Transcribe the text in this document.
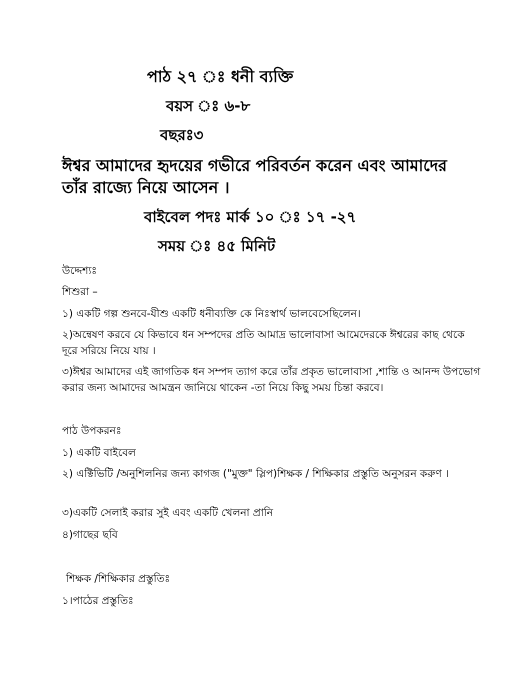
পাঠ ২৭ ঃ ধনী ব্যক্তি
বয়স ঃ ৬-৮
বছরঃ৩
ঈশ্বর আমাদের হৃদয়ের গভীরে পরিবর্তন করেন এবং আমাদের
তাঁর রাজ্যে নিয়ে আসেন ।
বাইবেল পদঃ মার্ক ১০ ঃ ১৭ -২৭
সময় ঃ ৪৫ মিনিট
উদ্দেশ্যঃ
শিশুরা –
১) একটি গল্প শুনবে-যীশু একটি ধনীব্যক্তি কে নিঃস্বার্থ ভালবেসেছিলেন।
২)অন্বেষণ করবে যে কিভাবে ধন সম্পদের প্রতি আমাদ্র ভালোবাসা আমেদেরকে ঈশ্বরের কাছ থেকে দূরে সরিয়ে নিয়ে যায় ।
৩)ঈশ্বর আমাদের এই জাগতিক ধন সম্পদ ত্যাগ করে তাঁর প্রকৃত ভালোবাসা ,শান্তি ও আনন্দ উপভোগ করার জন্য আমাদের আমন্ত্রন জানিয়ে থাকেন -তা নিয়ে কিছু সময় চিন্তা করবে।
পাঠ উপকরনঃ
১) একটি বাইবেল
২) এক্টিভিটি /অনুশিলনির জন্য কাগজ ("মুক্ত" স্লিপ)শিক্ষক / শিক্ষিকার প্রস্তুতি অনুসরন করুণ ।
৩)একটি সেলাই করার সুই এবং একটি খেলনা প্রানি
৪)গাছের ছবি
শিক্ষক /শিক্ষিকার প্রস্তুতিঃ
১।পাঠের প্রস্তুতিঃ
